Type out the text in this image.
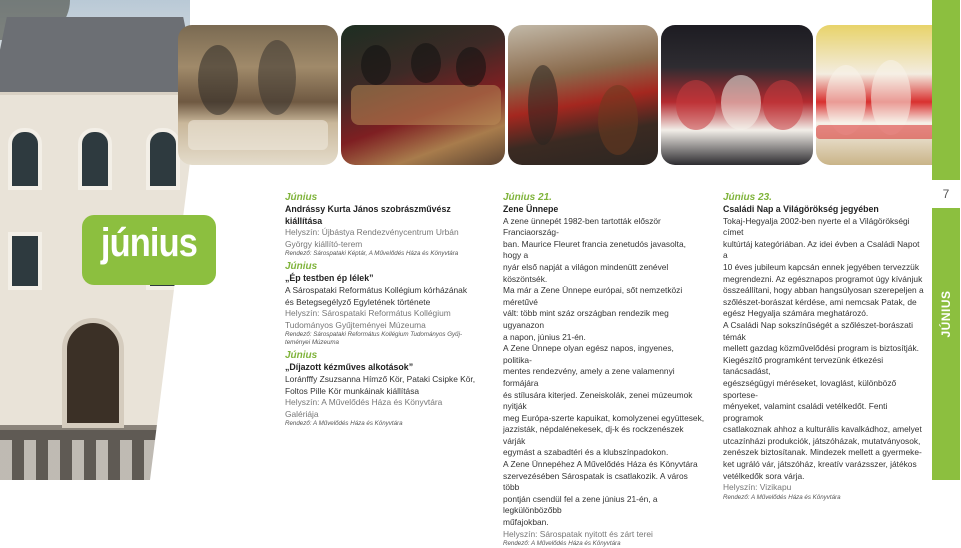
június
7
JÚNIUS
Június
Andrássy Kurta János szobrászművész
kiállítása
Helyszín: Újbástya Rendezvénycentrum Urbán
György kiállító-terem
Rendező: Sárospataki Képtár, A Művelődés Háza és Könyvtára
Június
„Ép testben ép lélek”
A Sárospataki Református Kollégium kórházának
és Betegsegélyző Egyletének története
Helyszín: Sárospataki Református Kollégium
Tudományos Gyűjteményei Múzeuma
Rendező: Sárospataki Református Kollégium Tudományos Gyűj-
teményei Múzeuma
Június
„Díjazott kézműves alkotások”
Loránfffy Zsuzsanna Hímző Kör, Pataki Csipke Kör,
Foltos Pille Kör munkáinak kiállítása
Helyszín: A Művelődés Háza és Könyvtára
Galériája
Rendező: A Művelődés Háza és Könyvtára
Június 21.
Zene Ünnepe
A zene ünnepét 1982-ben tartották először Franciaország-
ban. Maurice Fleuret francia zenetudós javasolta, hogy a
nyár első napját a világon mindenütt zenével köszöntsék.
Ma már a Zene Ünnepe európai, sőt nemzetközi méretűvé
vált: több mint száz országban rendezik meg ugyanazon
a napon, június 21-én.
A Zene Ünnepe olyan egész napos, ingyenes, politika-
mentes rendezvény, amely a zene valamennyi formájára
és stílusára kiterjed. Zeneiskolák, zenei múzeumok nyitják
meg Európa-szerte kapuikat, komolyzenei együttesek,
jazzisták, népdalénekesek, dj-k és rockzenészek várják
egymást a szabadtéri és a klubszínpadokon.
A Zene Ünnepéhez A Művelődés Háza és Könyvtára
szervezésében Sárospatak is csatlakozik. A város több
pontján csendül fel a zene június 21-én, a legkülönbözőbb
műfajokban.
Helyszín: Sárospatak nyitott és zárt terei
Rendező: A Művelődés Háza és Könyvtára
Június 23.
Családi Nap a Világörökség jegyében
Tokaj-Hegyalja 2002-ben nyerte el a Világörökségi címet
kultúrtáj kategóriában. Az idei évben a Családi Napot a
10 éves jubileum kapcsán ennek jegyében tervezzük
megrendezni. Az egésznapos programot úgy kívánjuk
összeállítani, hogy abban hangsúlyosan szerepeljen a
szőlészet-borászat kérdése, ami nemcsak Patak, de
egész Hegyalja számára meghatározó.
A Családi Nap sokszínűségét a szőlészet-borászati témák
mellett gazdag közművelődési program is biztosítják.
Kiegészítő programként tervezünk étkezési tanácsadást,
egészségügyi méréseket, lovaglást, különböző sportese-
ményeket, valamint családi vetélkedőt. Fenti programok
csatlakoznak ahhoz a kulturális kavalkádhoz, amelyet
utcazínházi produkciók, játszóházak, mutatványosok,
zenészek biztosítanak. Mindezek mellett a gyermeke-
ket ugráló vár, játszóház, kreatív varázsszer, játékos
vetélkedők sora várja.
Helyszín: Vizikapu
Rendező: A Művelődés Háza és Könyvtára
